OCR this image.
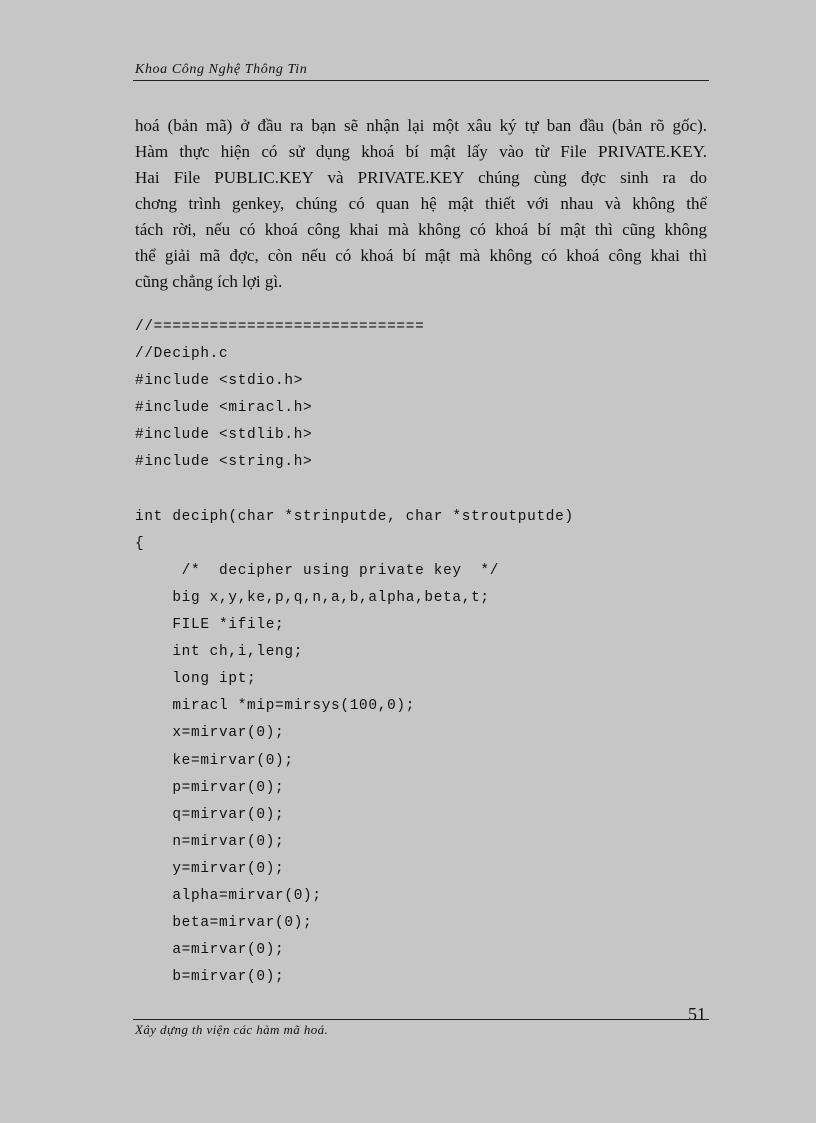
Khoa Công Nghệ Thông Tin
hoá (bản mã) ở đầu ra bạn sẽ nhận lại một xâu ký tự ban đầu (bản rõ gốc).
Hàm thực hiện có sử dụng khoá bí mật lấy vào từ File PRIVATE.KEY.
Hai File PUBLIC.KEY và PRIVATE.KEY chúng cùng đợc sinh ra do
chơng trình genkey, chúng có quan hệ mật thiết với nhau và không thể
tách rời, nếu có khoá công khai mà không có khoá bí mật thì cũng không
thể giải mã đợc, còn nếu có khoá bí mật mà không có khoá công khai thì
cũng chẳng ích lợi gì.
//=============================
//Deciph.c
#include <stdio.h>
#include <miracl.h>
#include <stdlib.h>
#include <string.h>
int deciph(char *strinputde, char *stroutputde)
{
/*  decipher using private key  */
big x,y,ke,p,q,n,a,b,alpha,beta,t;
FILE *ifile;
int ch,i,leng;
long ipt;
miracl *mip=mirsys(100,0);
x=mirvar(0);
ke=mirvar(0);
p=mirvar(0);
q=mirvar(0);
n=mirvar(0);
y=mirvar(0);
alpha=mirvar(0);
beta=mirvar(0);
a=mirvar(0);
b=mirvar(0);
51
Xây dựng th viện các hàm mã hoá.
